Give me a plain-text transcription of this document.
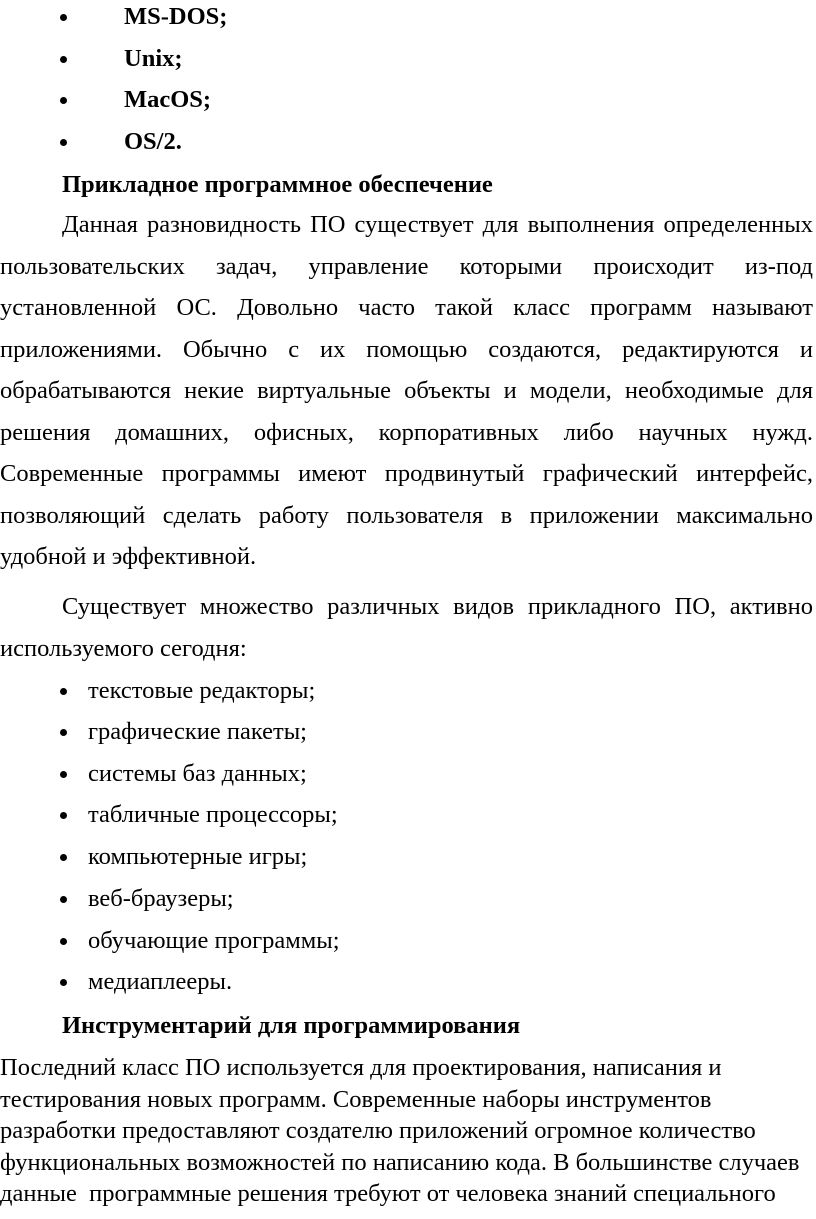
MS-DOS;
Unix;
MacOS;
OS/2.
Прикладное программное обеспечение
Данная разновидность ПО существует для выполнения определенных
пользовательских задач, управление которыми происходит из-под
установленной ОС. Довольно часто такой класс программ называют
приложениями. Обычно с их помощью создаются, редактируются и
обрабатываются некие виртуальные объекты и модели, необходимые для
решения домашних, офисных, корпоративных либо научных нужд.
Современные программы имеют продвинутый графический интерфейс,
позволяющий сделать работу пользователя в приложении максимально
удобной и эффективной.
Существует множество различных видов прикладного ПО, активно
используемого сегодня:
текстовые редакторы;
графические пакеты;
системы баз данных;
табличные процессоры;
компьютерные игры;
веб-браузеры;
обучающие программы;
медиаплееры.
Инструментарий для программирования
Последний класс ПО используется для проектирования, написания и
тестирования новых программ. Современные наборы инструментов
разработки предоставляют создателю приложений огромное количество
функциональных возможностей по написанию кода. В большинстве случаев
данные  программные решения требуют от человека знаний специального
